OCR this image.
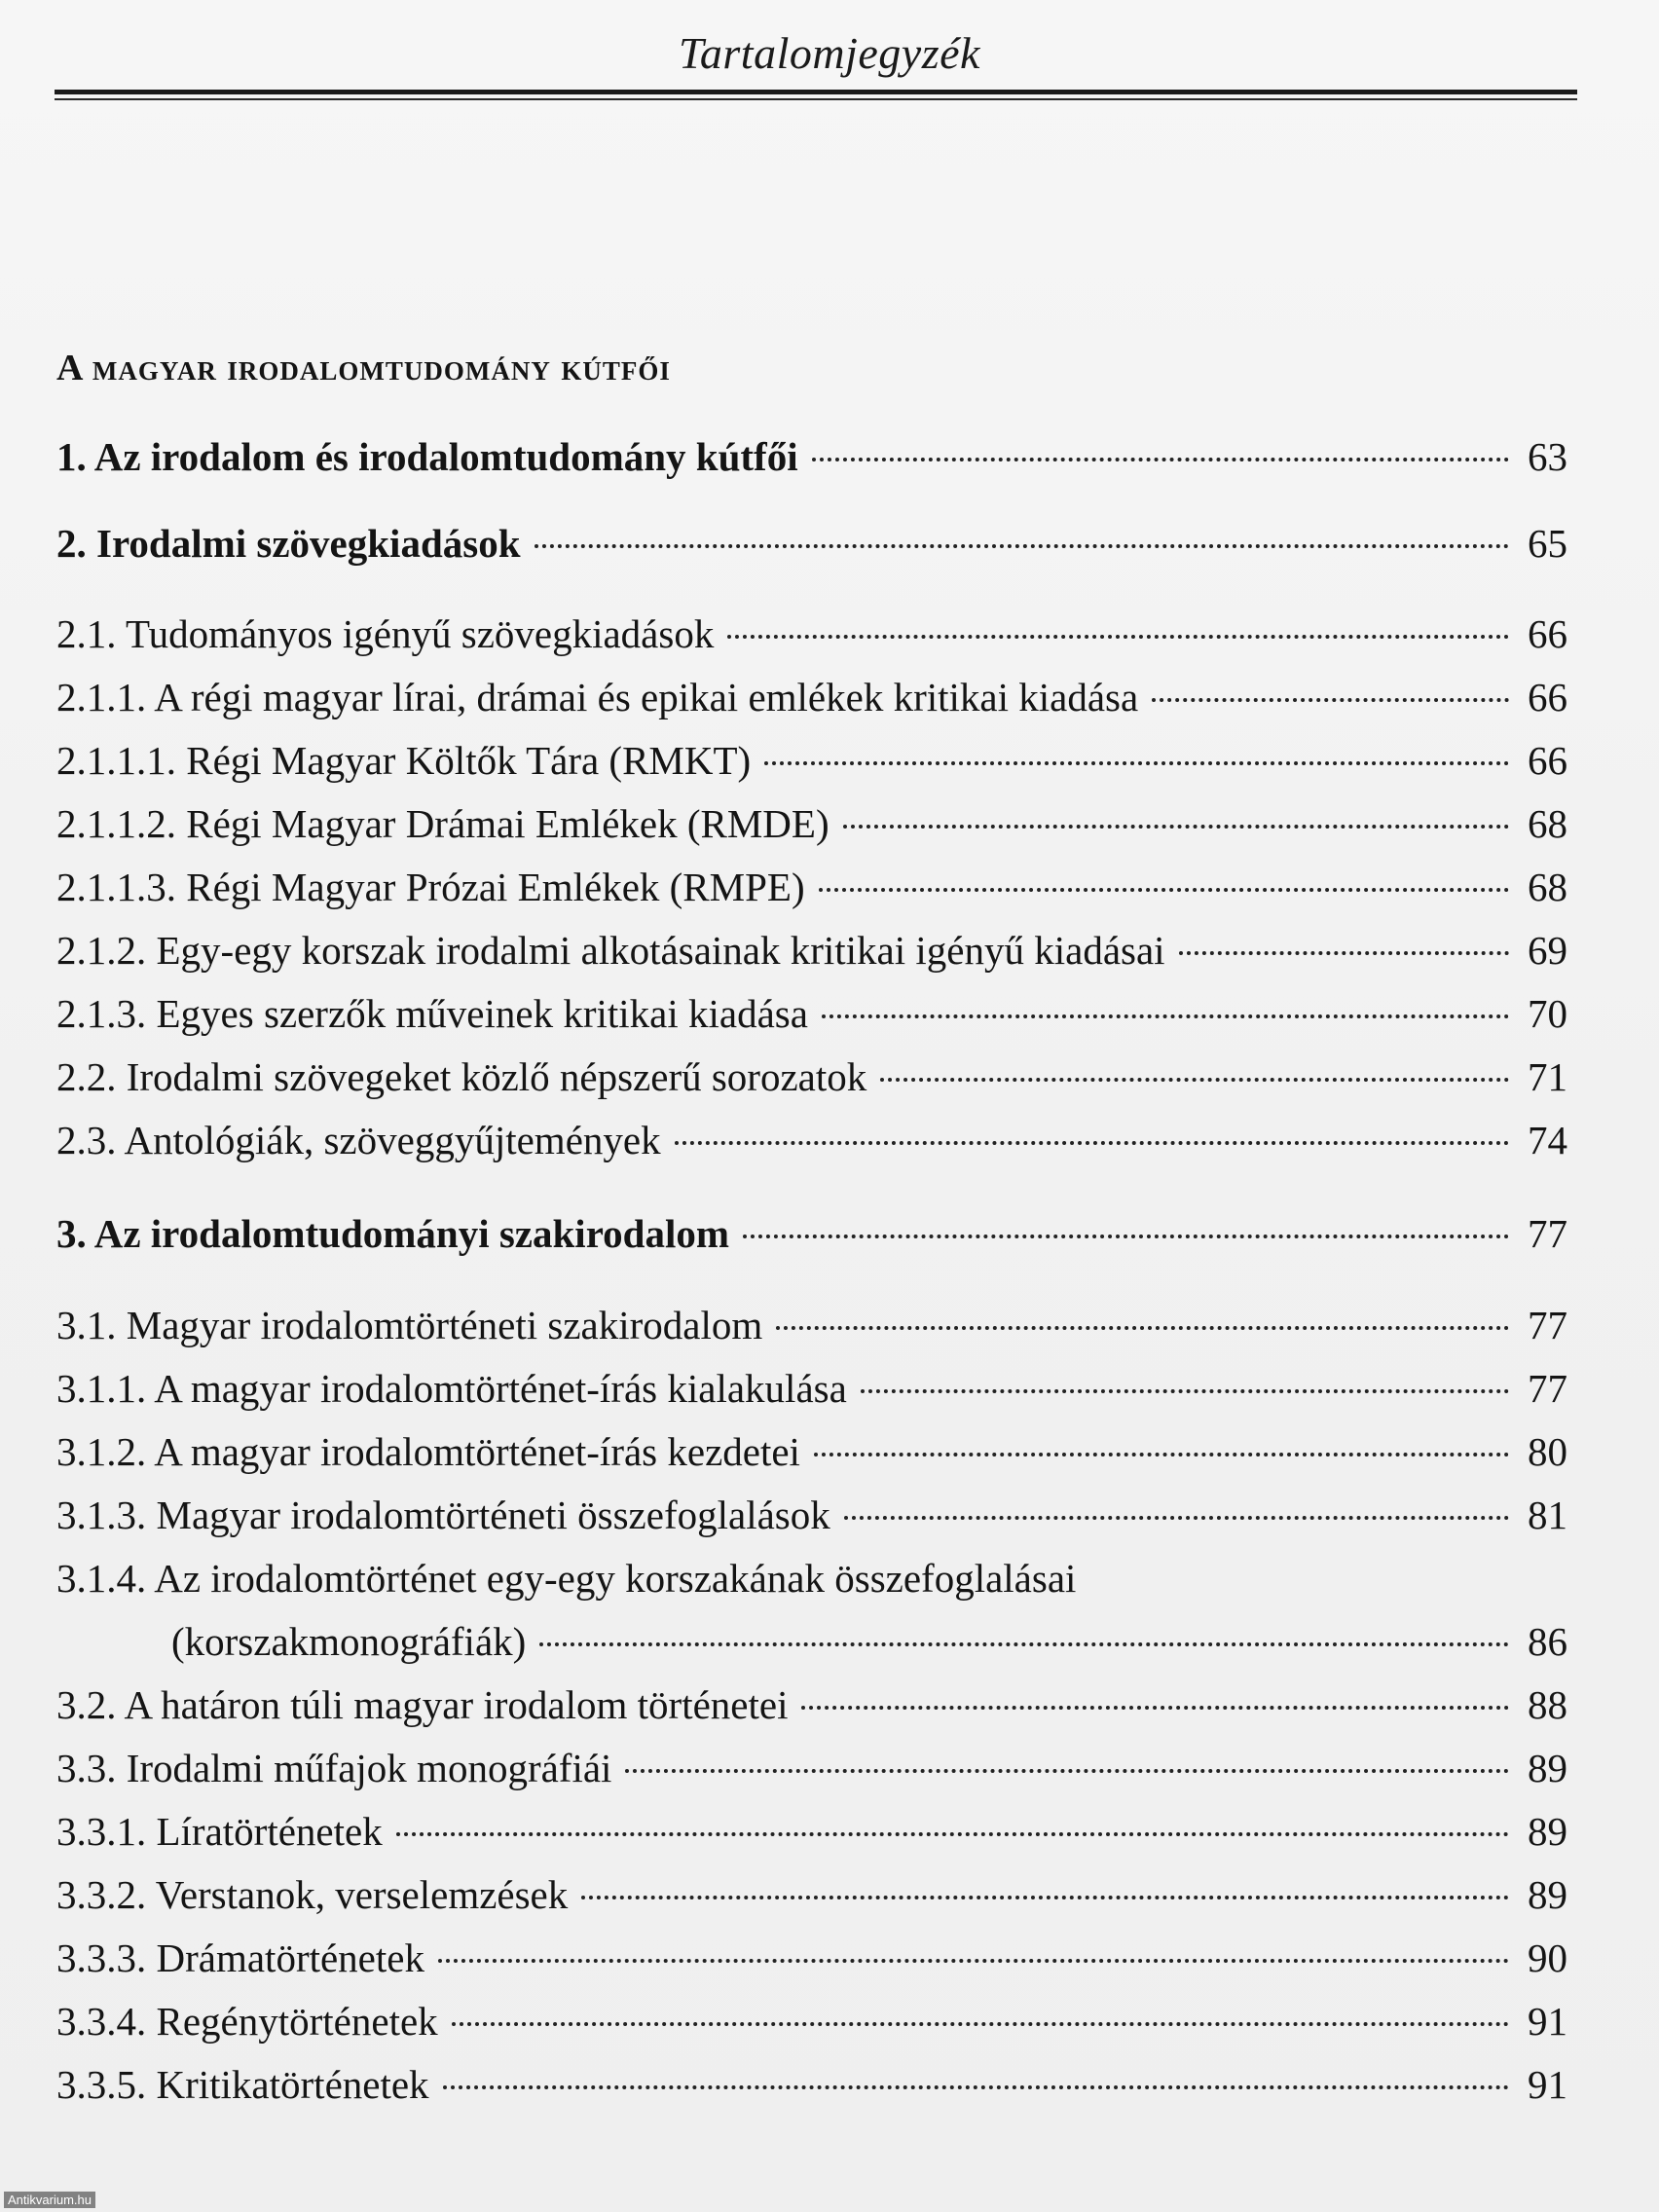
Tartalomjegyzék
A magyar irodalomtudomány kútfői
1. Az irodalom és irodalomtudomány kútfői	63
2. Irodalmi szövegkiadások	65
2.1. Tudományos igényű szövegkiadások	66
2.1.1. A régi magyar lírai, drámai és epikai emlékek kritikai kiadása	66
2.1.1.1. Régi Magyar Költők Tára (RMKT)	66
2.1.1.2. Régi Magyar Drámai Emlékek (RMDE)	68
2.1.1.3. Régi Magyar Prózai Emlékek (RMPE)	68
2.1.2. Egy-egy korszak irodalmi alkotásainak kritikai igényű kiadásai	69
2.1.3. Egyes szerzők műveinek kritikai kiadása	70
2.2. Irodalmi szövegeket közlő népszerű sorozatok	71
2.3. Antológiák, szöveggyűjtemények	74
3. Az irodalomtudományi szakirodalom	77
3.1. Magyar irodalomtörténeti szakirodalom	77
3.1.1. A magyar irodalomtörténet-írás kialakulása	77
3.1.2. A magyar irodalomtörténet-írás kezdetei	80
3.1.3. Magyar irodalomtörténeti összefoglalások	81
3.1.4. Az irodalomtörténet egy-egy korszakának összefoglalásai
(korszakmonográfiák)	86
3.2. A határon túli magyar irodalom történetei	88
3.3. Irodalmi műfajok monográfiái	89
3.3.1. Líratörténetek	89
3.3.2. Verstanok, verselemzések	89
3.3.3. Drámatörténetek	90
3.3.4. Regénytörténetek	91
3.3.5. Kritikatörténetek	91
Antikvarium.hu
